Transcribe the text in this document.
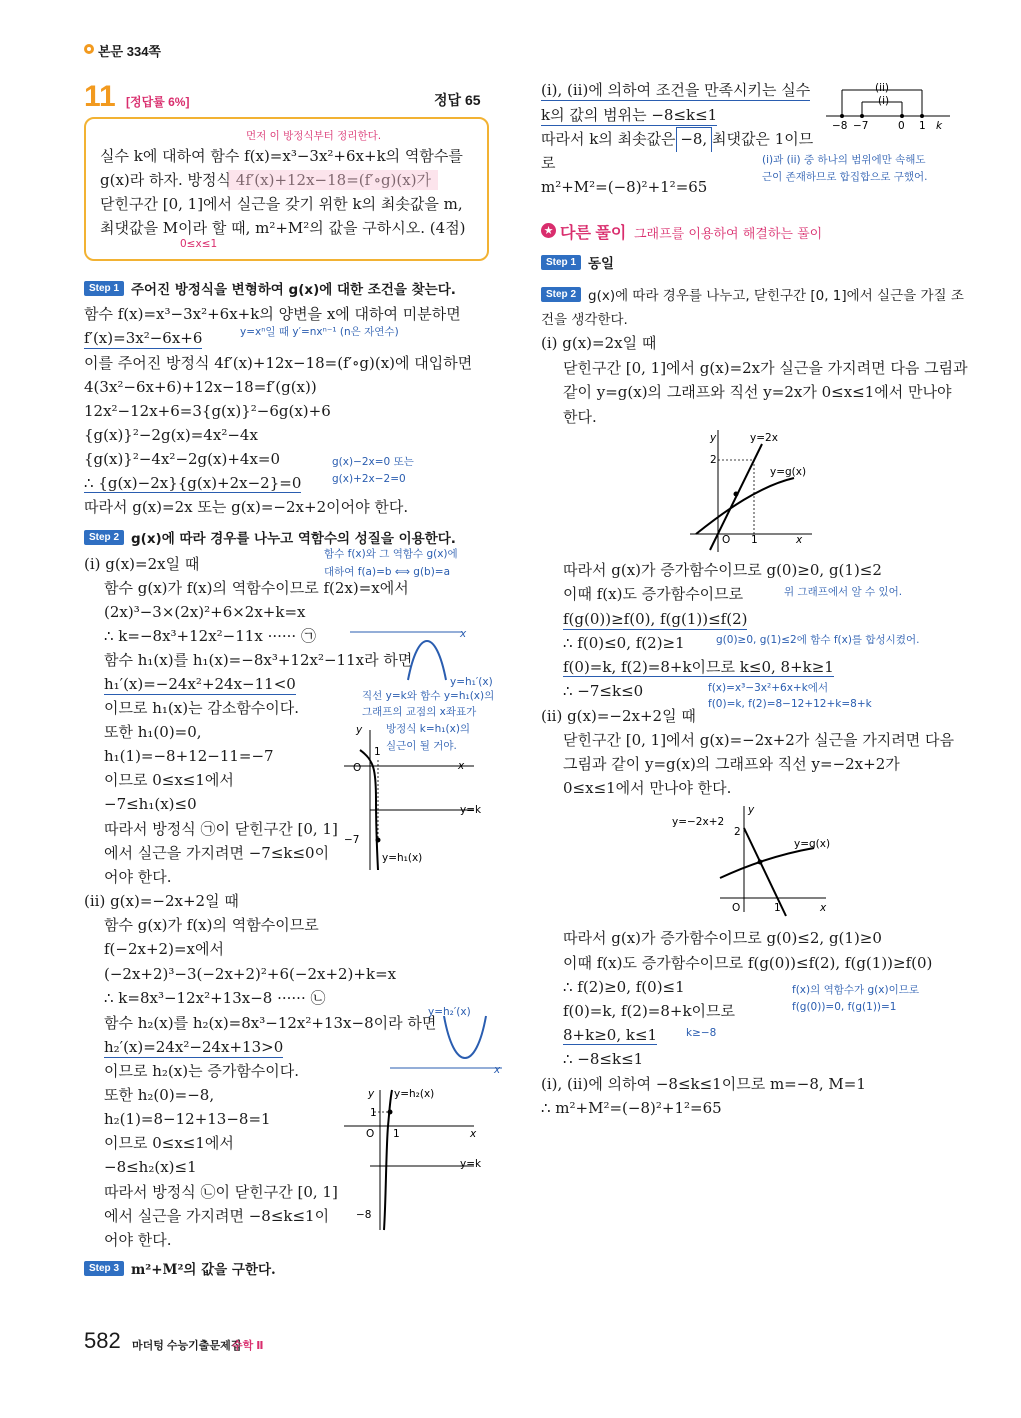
본문 334쪽
11 [정답률 6%]	정답 65
먼저 이 방정식부터 정리한다.
실수 k에 대하여 함수 f(x)=x³−3x²+6x+k의 역함수를
g(x)라 하자. 방정식 4f′(x)+12x−18=(f′∘g)(x)가
닫힌구간 [0, 1]에서 실근을 갖기 위한 k의 최솟값을 m,
최댓값을 M이라 할 때, m²+M²의 값을 구하시오. (4점)
0≤x≤1
Step 1 주어진 방정식을 변형하여 g(x)에 대한 조건을 찾는다.
함수 f(x)=x³−3x²+6x+k의 양변을 x에 대하여 미분하면
f′(x)=3x²−6x+6	y=xⁿ일 때 y′=nxⁿ⁻¹ (n은 자연수)
이를 주어진 방정식 4f′(x)+12x−18=(f′∘g)(x)에 대입하면
4(3x²−6x+6)+12x−18=f′(g(x))
12x²−12x+6=3{g(x)}²−6g(x)+6
{g(x)}²−2g(x)=4x²−4x
{g(x)}²−4x²−2g(x)+4x=0
∴ {g(x)−2x}{g(x)+2x−2}=0
g(x)−2x=0 또는
g(x)+2x−2=0
따라서 g(x)=2x 또는 g(x)=−2x+2이어야 한다.
Step 2 g(x)에 따라 경우를 나누고 역함수의 성질을 이용한다.
함수 f(x)와 그 역함수 g(x)에
대하여 f(a)=b ⟺ g(b)=a
(i) g(x)=2x일 때
함수 g(x)가 f(x)의 역함수이므로 f(2x)=x에서
(2x)³−3×(2x)²+6×2x+k=x
∴ k=−8x³+12x²−11x ······ ㉠
함수 h₁(x)를 h₁(x)=−8x³+12x²−11x라 하면
h₁′(x)=−24x²+24x−11<0
이므로 h₁(x)는 감소함수이다.
또한 h₁(0)=0,
h₁(1)=−8+12−11=−7
이므로 0≤x≤1에서
−7≤h₁(x)≤0
따라서 방정식 ㉠이 닫힌구간 [0, 1]
에서 실근을 가지려면 −7≤k≤0이
어야 한다.
직선 y=k와 함수 y=h₁(x)의
그래프의 교점의 x좌표가
방정식 k=h₁(x)의
실근이 될 거야.
x
y=h₁′(x)
y
1
O	x
y=k
−7
y=h₁(x)
(ii) g(x)=−2x+2일 때
함수 g(x)가 f(x)의 역함수이므로
f(−2x+2)=x에서
(−2x+2)³−3(−2x+2)²+6(−2x+2)+k=x
∴ k=8x³−12x²+13x−8 ······ ㉡
함수 h₂(x)를 h₂(x)=8x³−12x²+13x−8이라 하면
h₂′(x)=24x²−24x+13>0
이므로 h₂(x)는 증가함수이다.
또한 h₂(0)=−8,
h₂(1)=8−12+13−8=1
이므로 0≤x≤1에서
−8≤h₂(x)≤1
따라서 방정식 ㉡이 닫힌구간 [0, 1]
에서 실근을 가지려면 −8≤k≤1이
어야 한다.
y=h₂′(x)
x
y y=h₂(x)
1
O 1	x
y=k
−8
Step 3 m²+M²의 값을 구한다.
(i), (ii)에 의하여 조건을 만족시키는 실수
k의 값의 범위는 −8≤k≤1
따라서 k의 최솟값은 −8, 최댓값은 1이므
로
m²+M²=(−8)²+1²=65
(i)과 (ii) 중 하나의 범위에만 속해도
근이 존재하므로 합집합으로 구했어.
(ii)
(i)
−8 −7	0 1 k
★ 다른 풀이 그래프를 이용하여 해결하는 풀이
Step 1 동일
Step 2 g(x)에 따라 경우를 나누고, 닫힌구간 [0, 1]에서 실근을 가질 조
건을 생각한다.
(i) g(x)=2x일 때
닫힌구간 [0, 1]에서 g(x)=2x가 실근을 가지려면 다음 그림과
같이 y=g(x)의 그래프와 직선 y=2x가 0≤x≤1에서 만나야
한다.
y	y=2x
2
y=g(x)
O 1	x
따라서 g(x)가 증가함수이므로 g(0)≥0, g(1)≤2
이때 f(x)도 증가함수이므로	위 그래프에서 알 수 있어.
f(g(0))≥f(0), f(g(1))≤f(2)
∴ f(0)≤0, f(2)≥1	g(0)≥0, g(1)≤2에 함수 f(x)를 합성시켰어.
f(0)=k, f(2)=8+k이므로 k≤0, 8+k≥1
∴ −7≤k≤0	f(x)=x³−3x²+6x+k에서
f(0)=k, f(2)=8−12+12+k=8+k
(ii) g(x)=−2x+2일 때
닫힌구간 [0, 1]에서 g(x)=−2x+2가 실근을 가지려면 다음
그림과 같이 y=g(x)의 그래프와 직선 y=−2x+2가
0≤x≤1에서 만나야 한다.
y
y=−2x+2
2
y=g(x)
O	1	x
따라서 g(x)가 증가함수이므로 g(0)≤2, g(1)≥0
이때 f(x)도 증가함수이므로 f(g(0))≤f(2), f(g(1))≥f(0)
∴ f(2)≥0, f(0)≤1	f(x)의 역함수가 g(x)이므로
f(g(0))=0, f(g(1))=1
f(0)=k, f(2)=8+k이므로
8+k≥0, k≤1	k≥−8
∴ −8≤k≤1
(i), (ii)에 의하여 −8≤k≤1이므로 m=−8, M=1
∴ m²+M²=(−8)²+1²=65
582 마더텅 수능기출문제집
수학 Ⅱ
